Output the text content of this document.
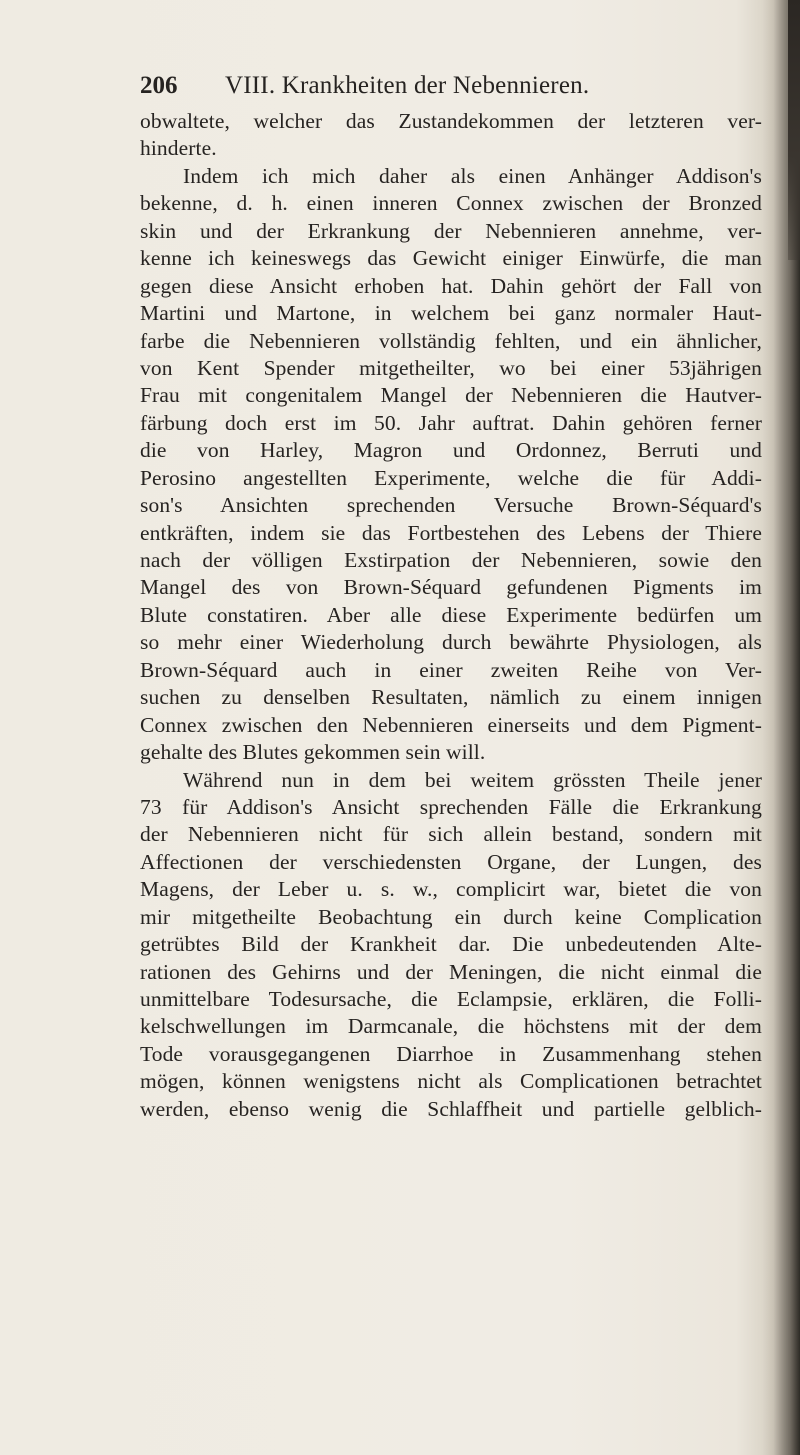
206 VIII. Krankheiten der Nebennieren.
obwaltete, welcher das Zustandekommen der letzteren ver-
hinderte.
Indem ich mich daher als einen Anhänger Addison's
bekenne, d. h. einen inneren Connex zwischen der Bronzed
skin und der Erkrankung der Nebennieren annehme, ver-
kenne ich keineswegs das Gewicht einiger Einwürfe, die man
gegen diese Ansicht erhoben hat. Dahin gehört der Fall von
Martini und Martone, in welchem bei ganz normaler Haut-
farbe die Nebennieren vollständig fehlten, und ein ähnlicher,
von Kent Spender mitgetheilter, wo bei einer 53jährigen
Frau mit congenitalem Mangel der Nebennieren die Hautver-
färbung doch erst im 50. Jahr auftrat. Dahin gehören ferner
die von Harley, Magron und Ordonnez, Berruti und
Perosino angestellten Experimente, welche die für Addi-
son's Ansichten sprechenden Versuche Brown-Séquard's
entkräften, indem sie das Fortbestehen des Lebens der Thiere
nach der völligen Exstirpation der Nebennieren, sowie den
Mangel des von Brown-Séquard gefundenen Pigments im
Blute constatiren. Aber alle diese Experimente bedürfen um
so mehr einer Wiederholung durch bewährte Physiologen, als
Brown-Séquard auch in einer zweiten Reihe von Ver-
suchen zu denselben Resultaten, nämlich zu einem innigen
Connex zwischen den Nebennieren einerseits und dem Pigment-
gehalte des Blutes gekommen sein will.
Während nun in dem bei weitem grössten Theile jener
73 für Addison's Ansicht sprechenden Fälle die Erkrankung
der Nebennieren nicht für sich allein bestand, sondern mit
Affectionen der verschiedensten Organe, der Lungen, des
Magens, der Leber u. s. w., complicirt war, bietet die von
mir mitgetheilte Beobachtung ein durch keine Complication
getrübtes Bild der Krankheit dar. Die unbedeutenden Alte-
rationen des Gehirns und der Meningen, die nicht einmal die
unmittelbare Todesursache, die Eclampsie, erklären, die Folli-
kelschwellungen im Darmcanale, die höchstens mit der dem
Tode vorausgegangenen Diarrhoe in Zusammenhang stehen
mögen, können wenigstens nicht als Complicationen betrachtet
werden, ebenso wenig die Schlaffheit und partielle gelblich-
